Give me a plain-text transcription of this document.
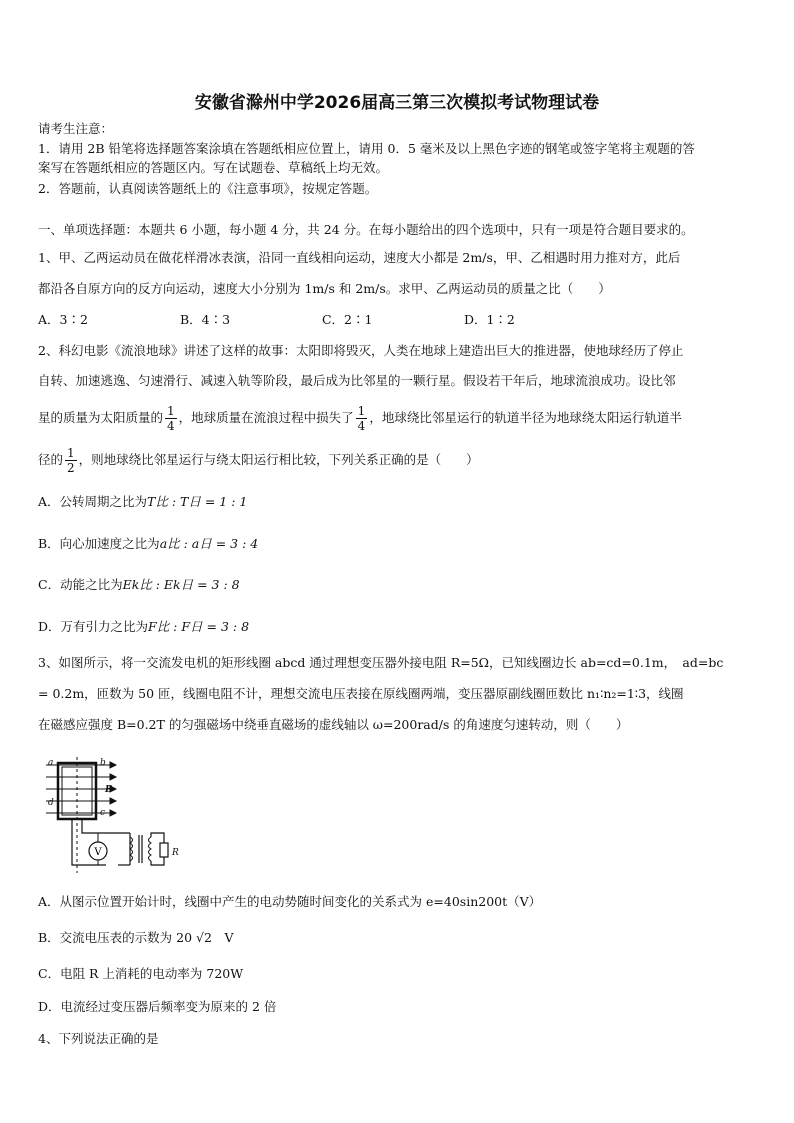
安徽省滁州中学2026届高三第三次模拟考试物理试卷
请考生注意：
1．请用 2B 铅笔将选择题答案涂填在答题纸相应位置上，请用 0．5 毫米及以上黑色字迹的钢笔或签字笔将主观题的答
案写在答题纸相应的答题区内。写在试题卷、草稿纸上均无效。
2．答题前，认真阅读答题纸上的《注意事项》，按规定答题。
一、单项选择题：本题共 6 小题，每小题 4 分，共 24 分。在每小题给出的四个选项中，只有一项是符合题目要求的。
1、甲、乙两运动员在做花样滑冰表演，沿同一直线相向运动，速度大小都是 2m/s，甲、乙相遇时用力推对方，此后
都沿各自原方向的反方向运动，速度大小分别为 1m/s 和 2m/s。求甲、乙两运动员的质量之比（　　）
A．3∶2	B．4∶3	C．2∶1	D．1∶2
2、科幻电影《流浪地球》讲述了这样的故事：太阳即将毁灭，人类在地球上建造出巨大的推进器，使地球经历了停止
自转、加速逃逸、匀速滑行、减速入轨等阶段，最后成为比邻星的一颗行星。假设若干年后，地球流浪成功。设比邻
星的质量为太阳质量的 $\frac{1}{4}$ ，地球质量在流浪过程中损失了 $\frac{1}{4}$ ，地球绕比邻星运行的轨道半径为地球绕太阳运行轨道半
径的 $\frac{1}{2}$ ，则地球绕比邻星运行与绕太阳运行相比较，下列关系正确的是（　　）
A．公转周期之比为T比 : T日 = 1 : 1
B．向心加速度之比为a比 : a日 = 3 : 4
C．动能之比为Ek比 : Ek日 = 3 : 8
D．万有引力之比为F比 : F日 = 3 : 8
3、如图所示，将一交流发电机的矩形线圈 abcd 通过理想变压器外接电阻 R=5Ω，已知线圈边长 ab=cd=0.1m，　ad=bc
= 0.2m，匝数为 50 匝，线圈电阻不计，理想交流电压表接在原线圈两端，变压器原副线圈匝数比 n₁∶n₂=1∶3，线圈
在磁感应强度 B=0.2T 的匀强磁场中绕垂直磁场的虚线轴以 ω=200rad/s 的角速度匀速转动，则（　　）
V
a	b
c
d
B
R
A．从图示位置开始计时，线圈中产生的电动势随时间变化的关系式为 e=40sin200t（V）
B．交流电压表的示数为 20 √2　V
C．电阻 R 上消耗的电动率为 720W
D．电流经过变压器后频率变为原来的 2 倍
4、下列说法正确的是
